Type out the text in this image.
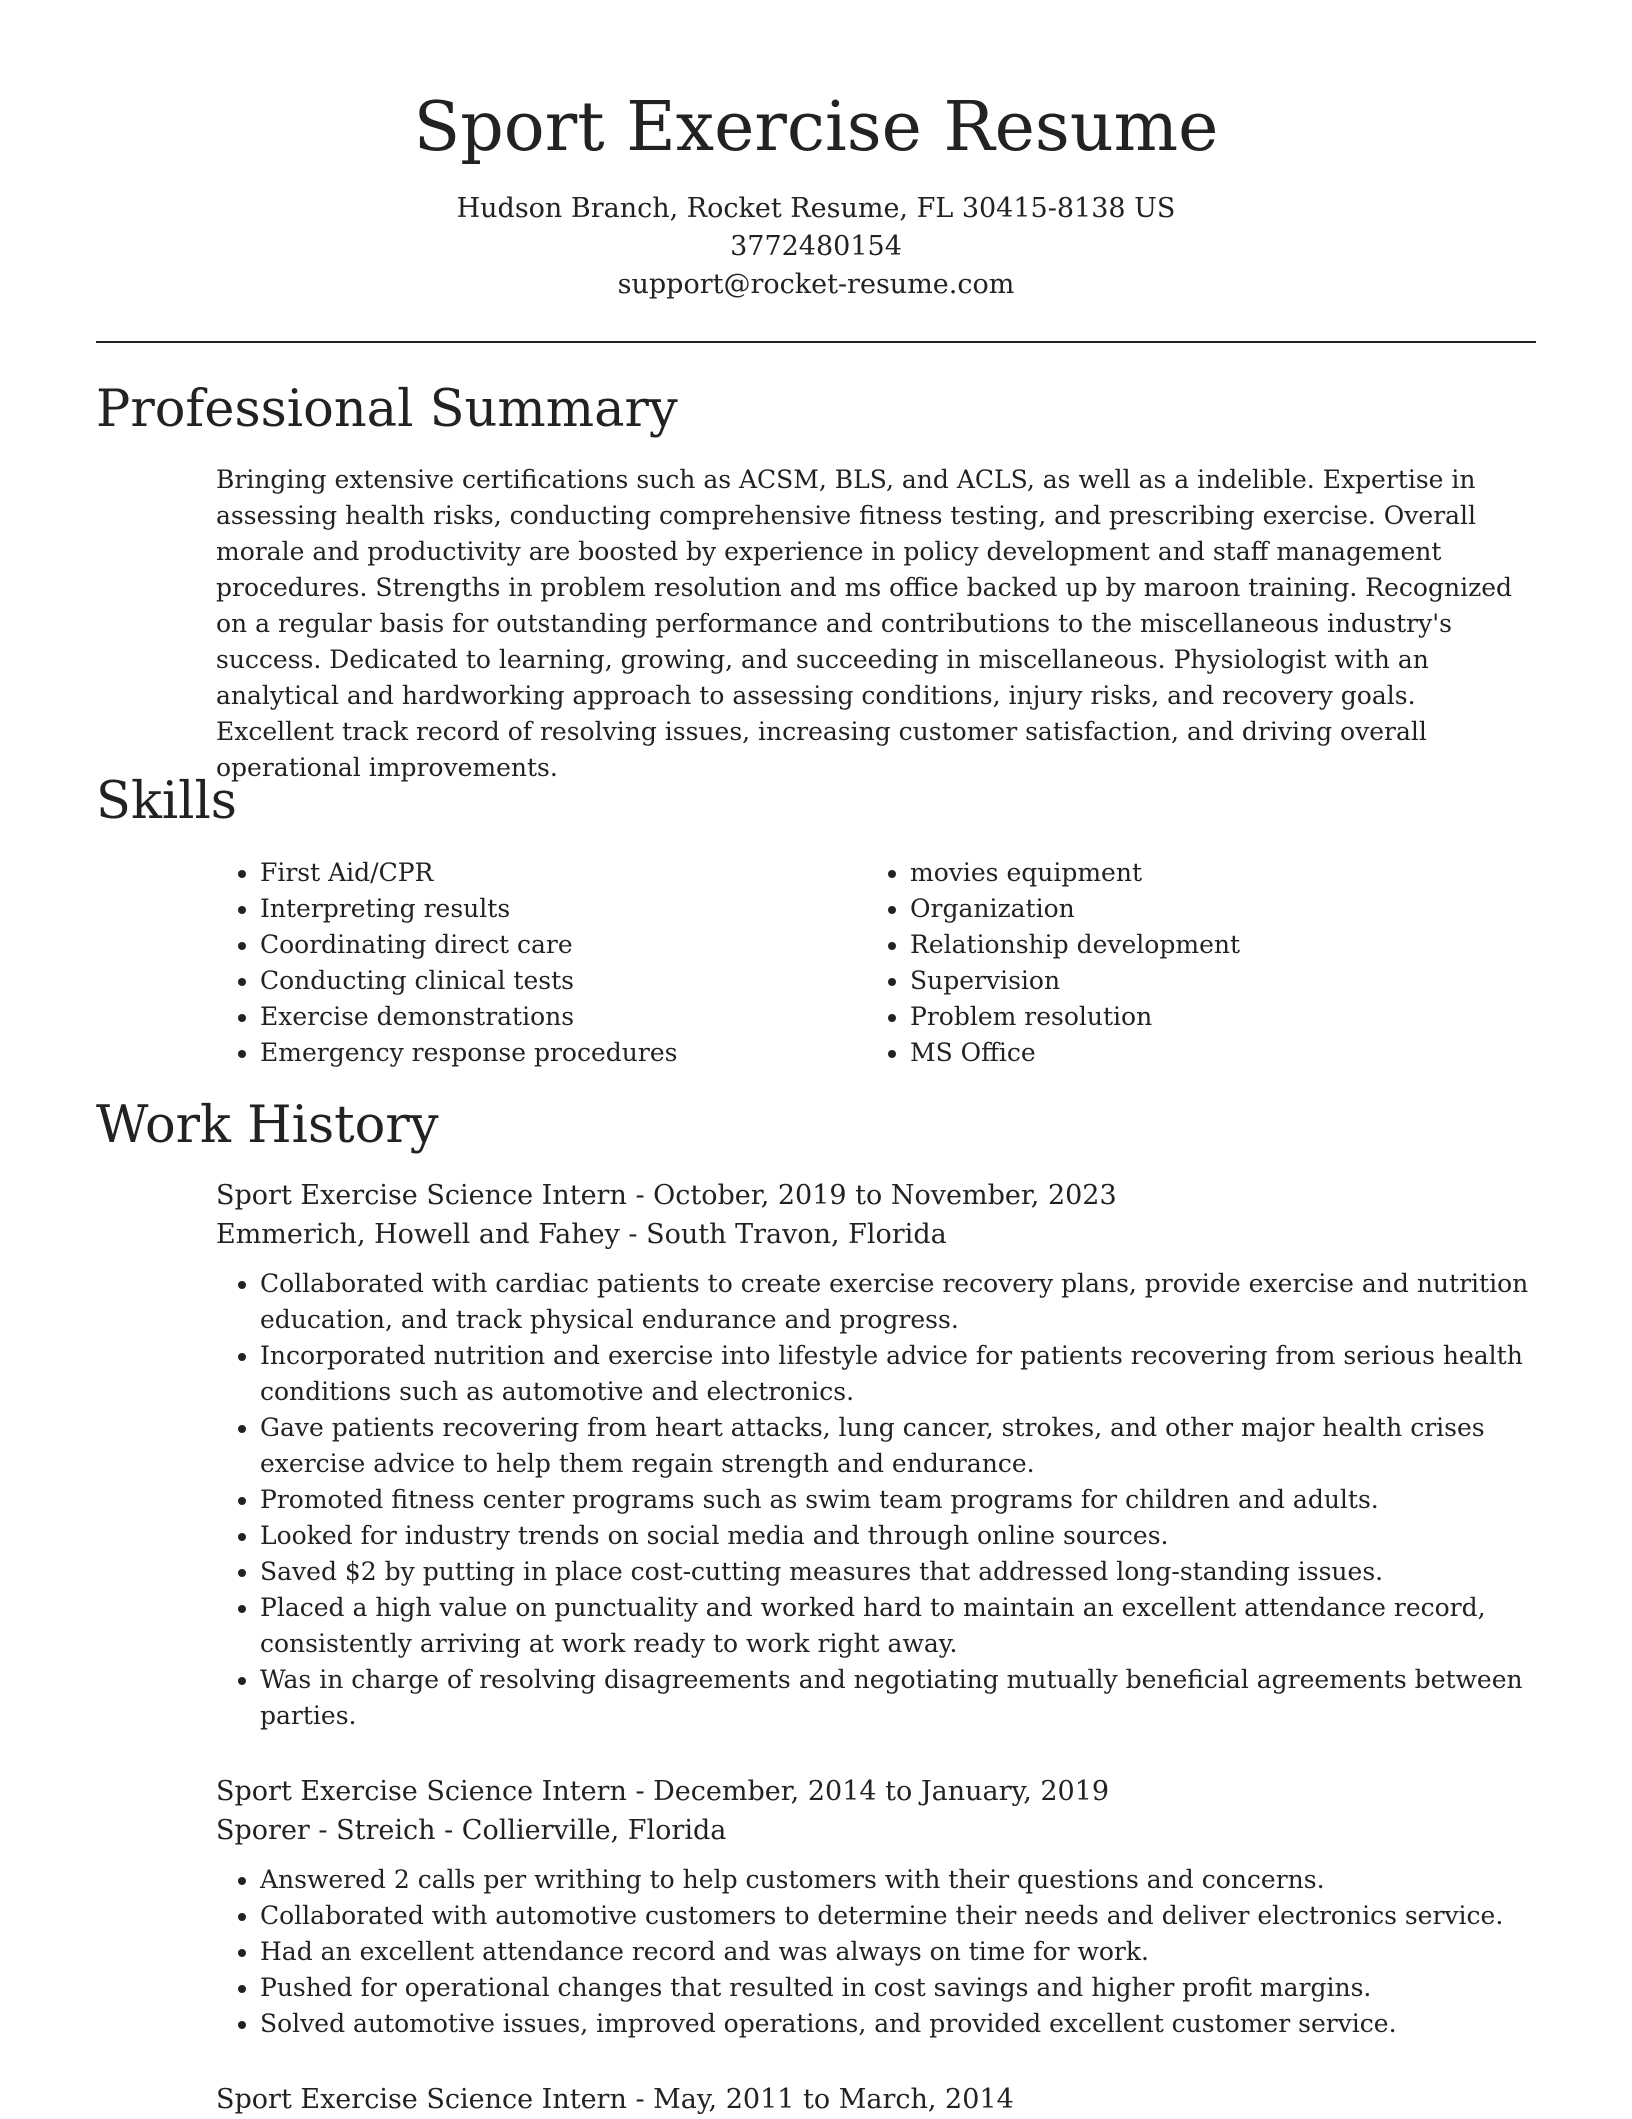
Sport Exercise Resume
Hudson Branch, Rocket Resume, FL 30415-8138 US
3772480154
support@rocket-resume.com
Professional Summary

Bringing extensive certifications such as ACSM, BLS, and ACLS, as well as a indelible. Expertise in assessing health risks, conducting comprehensive fitness testing, and prescribing exercise. Overall morale and productivity are boosted by experience in policy development and staff management procedures. Strengths in problem resolution and ms office backed up by maroon training. Recognized on a regular basis for outstanding performance and contributions to the miscellaneous industry's success. Dedicated to learning, growing, and succeeding in miscellaneous. Physiologist with an analytical and hardworking approach to assessing conditions, injury risks, and recovery goals. Excellent track record of resolving issues, increasing customer satisfaction, and driving overall operational improvements.

Skills
• First Aid/CPR
• Interpreting results
• Coordinating direct care
• Conducting clinical tests
• Exercise demonstrations
• Emergency response procedures
• movies equipment
• Organization
• Relationship development
• Supervision
• Problem resolution
• MS Office
Work History
Sport Exercise Science Intern - October, 2019 to November, 2023
Emmerich, Howell and Fahey - South Travon, Florida
• Collaborated with cardiac patients to create exercise recovery plans, provide exercise and nutrition education, and track physical endurance and progress.
• Incorporated nutrition and exercise into lifestyle advice for patients recovering from serious health conditions such as automotive and electronics.
• Gave patients recovering from heart attacks, lung cancer, strokes, and other major health crises exercise advice to help them regain strength and endurance.
• Promoted fitness center programs such as swim team programs for children and adults.
• Looked for industry trends on social media and through online sources.
• Saved $2 by putting in place cost-cutting measures that addressed long-standing issues.
• Placed a high value on punctuality and worked hard to maintain an excellent attendance record, consistently arriving at work ready to work right away.
• Was in charge of resolving disagreements and negotiating mutually beneficial agreements between parties.
Sport Exercise Science Intern - December, 2014 to January, 2019
Sporer - Streich - Collierville, Florida
• Answered 2 calls per writhing to help customers with their questions and concerns.
• Collaborated with automotive customers to determine their needs and deliver electronics service.
• Had an excellent attendance record and was always on time for work.
• Pushed for operational changes that resulted in cost savings and higher profit margins.
• Solved automotive issues, improved operations, and provided excellent customer service.
Sport Exercise Science Intern - May, 2011 to March, 2014
